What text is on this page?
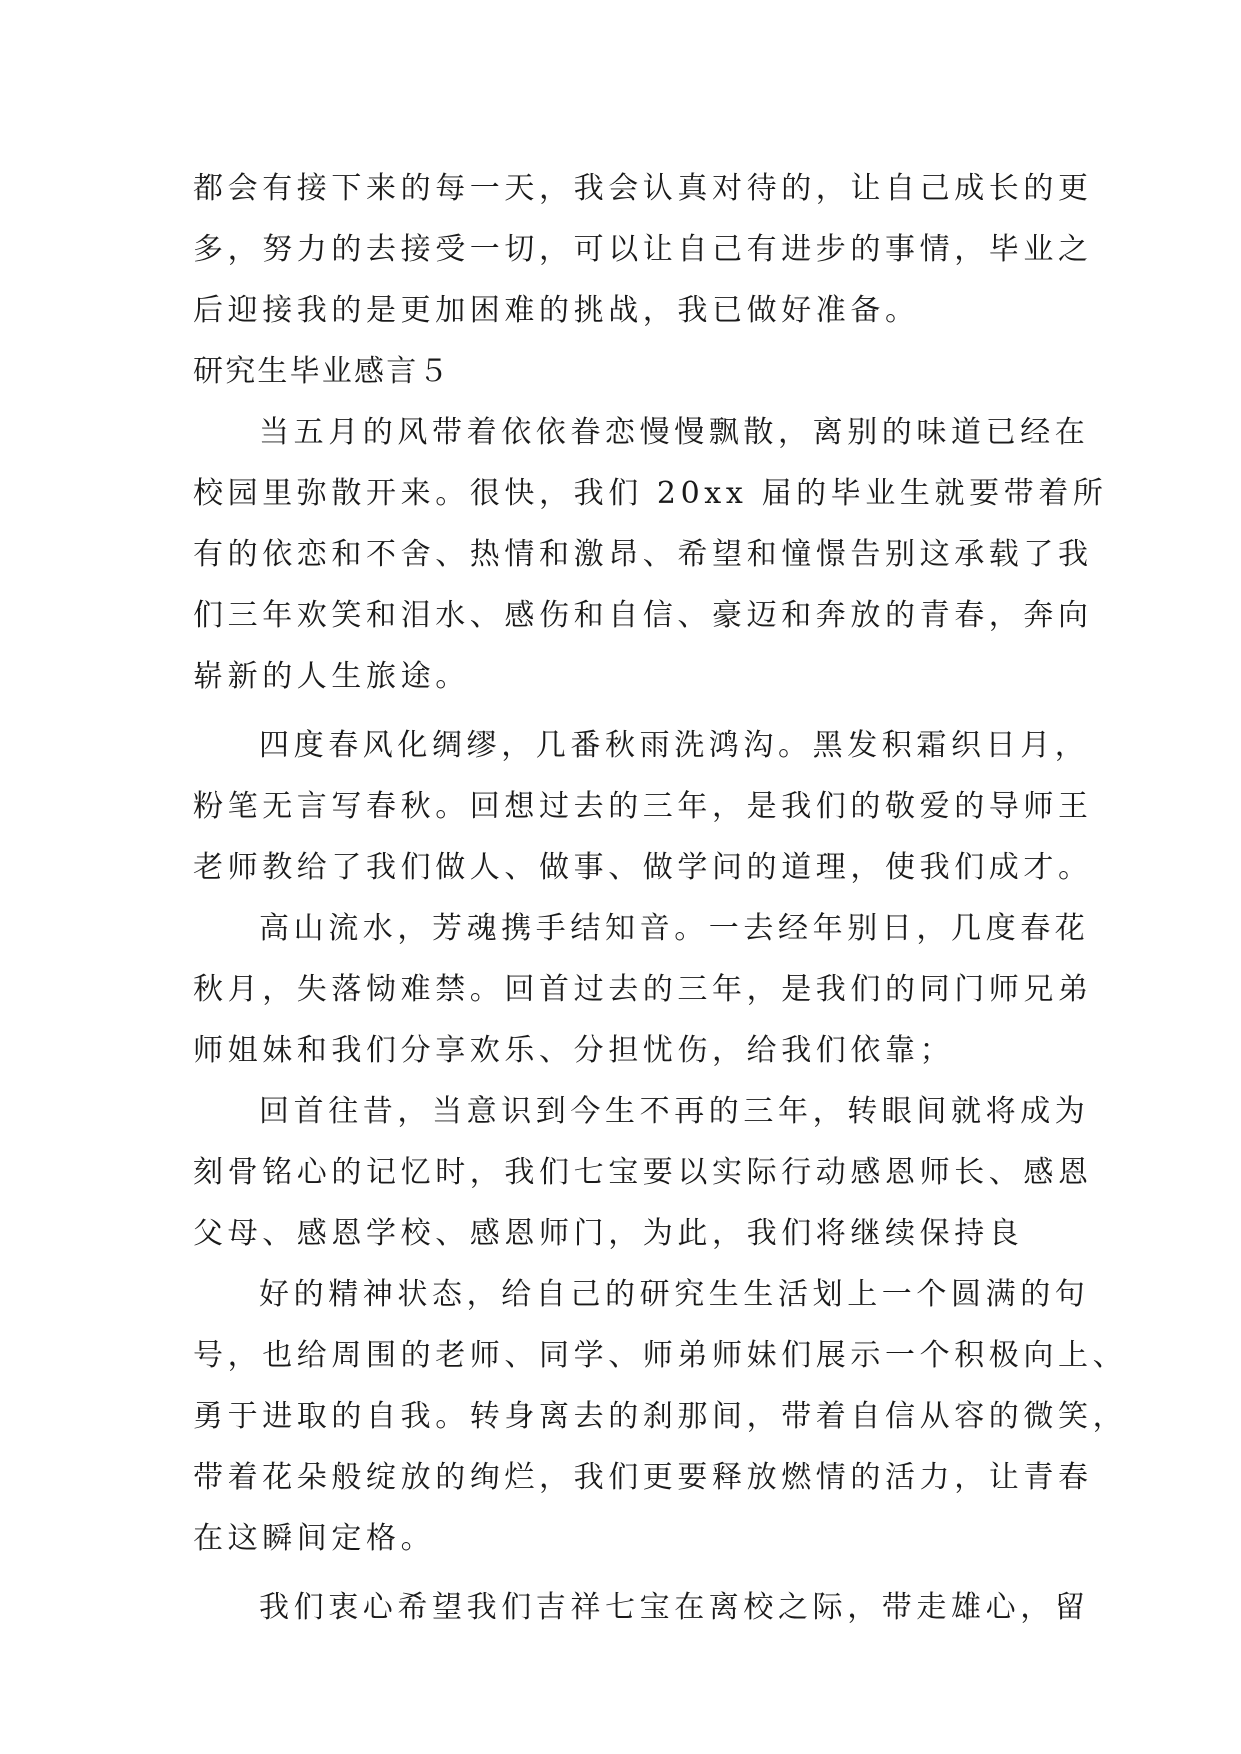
都会有接下来的每一天，我会认真对待的，让自己成长的更

多，努力的去接受一切，可以让自己有进步的事情，毕业之

后迎接我的是更加困难的挑战，我已做好准备。

研究生毕业感言５

当五月的风带着依依眷恋慢慢飘散，离别的味道已经在

校园里弥散开来。很快，我们 20xx 届的毕业生就要带着所

有的依恋和不舍、热情和激昂、希望和憧憬告别这承载了我

们三年欢笑和泪水、感伤和自信、豪迈和奔放的青春，奔向

崭新的人生旅途。

四度春风化绸缪，几番秋雨洗鸿沟。黑发积霜织日月，

粉笔无言写春秋。回想过去的三年，是我们的敬爱的导师王

老师教给了我们做人、做事、做学问的道理，使我们成才。

高山流水，芳魂携手结知音。一去经年别日，几度春花

秋月，失落恸难禁。回首过去的三年，是我们的同门师兄弟

师姐妹和我们分享欢乐、分担忧伤，给我们依靠；

回首往昔，当意识到今生不再的三年，转眼间就将成为

刻骨铭心的记忆时，我们七宝要以实际行动感恩师长、感恩

父母、感恩学校、感恩师门，为此，我们将继续保持良

好的精神状态，给自己的研究生生活划上一个圆满的句

号，也给周围的老师、同学、师弟师妹们展示一个积极向上、

勇于进取的自我。转身离去的刹那间，带着自信从容的微笑，

带着花朵般绽放的绚烂，我们更要释放燃情的活力，让青春

在这瞬间定格。

我们衷心希望我们吉祥七宝在离校之际，带走雄心，留
